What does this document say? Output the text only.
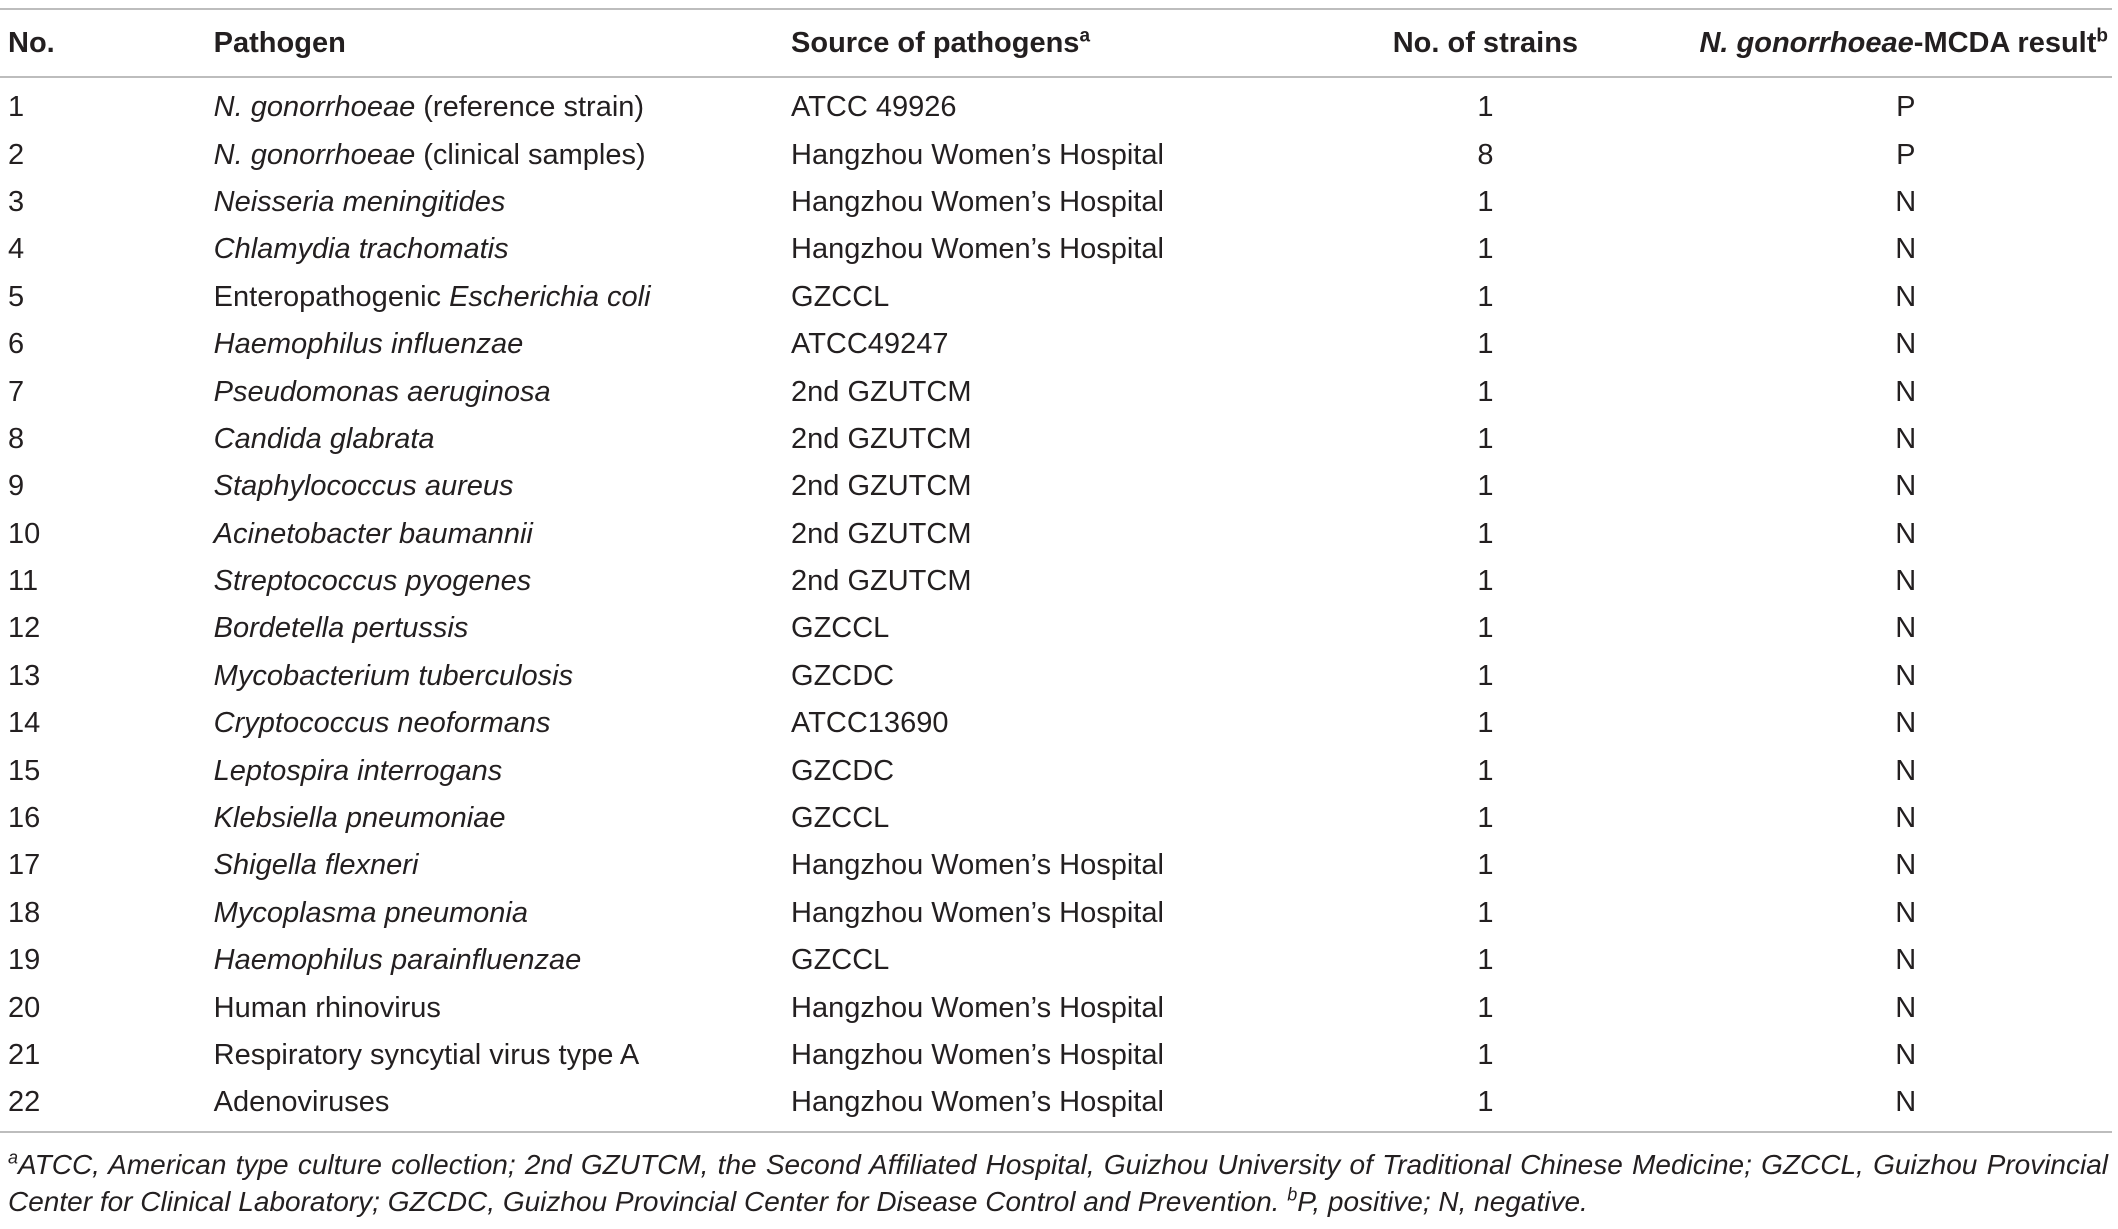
No.	Pathogen	Source of pathogens$^a$	No. of strains	N. gonorrhoeae-MCDA result$^b$
1	N. gonorrhoeae (reference strain)	ATCC 49926	1	P
2	N. gonorrhoeae (clinical samples)	Hangzhou Women’s Hospital	8	P
3	Neisseria meningitides	Hangzhou Women’s Hospital	1	N
4	Chlamydia trachomatis	Hangzhou Women’s Hospital	1	N
5	Enteropathogenic Escherichia coli	GZCCL	1	N
6	Haemophilus influenzae	ATCC49247	1	N
7	Pseudomonas aeruginosa	2nd GZUTCM	1	N
8	Candida glabrata	2nd GZUTCM	1	N
9	Staphylococcus aureus	2nd GZUTCM	1	N
10	Acinetobacter baumannii	2nd GZUTCM	1	N
11	Streptococcus pyogenes	2nd GZUTCM	1	N
12	Bordetella pertussis	GZCCL	1	N
13	Mycobacterium tuberculosis	GZCDC	1	N
14	Cryptococcus neoformans	ATCC13690	1	N
15	Leptospira interrogans	GZCDC	1	N
16	Klebsiella pneumoniae	GZCCL	1	N
17	Shigella flexneri	Hangzhou Women’s Hospital	1	N
18	Mycoplasma pneumonia	Hangzhou Women’s Hospital	1	N
19	Haemophilus parainfluenzae	GZCCL	1	N
20	Human rhinovirus	Hangzhou Women’s Hospital	1	N
21	Respiratory syncytial virus type A	Hangzhou Women’s Hospital	1	N
22	Adenoviruses	Hangzhou Women’s Hospital	1	N
$^a$ATCC, American type culture collection; 2nd GZUTCM, the Second Affiliated Hospital, Guizhou University of Traditional Chinese Medicine; GZCCL, Guizhou Provincial Center for Clinical Laboratory; GZCDC, Guizhou Provincial Center for Disease Control and Prevention. $^b$P, positive; N, negative.
